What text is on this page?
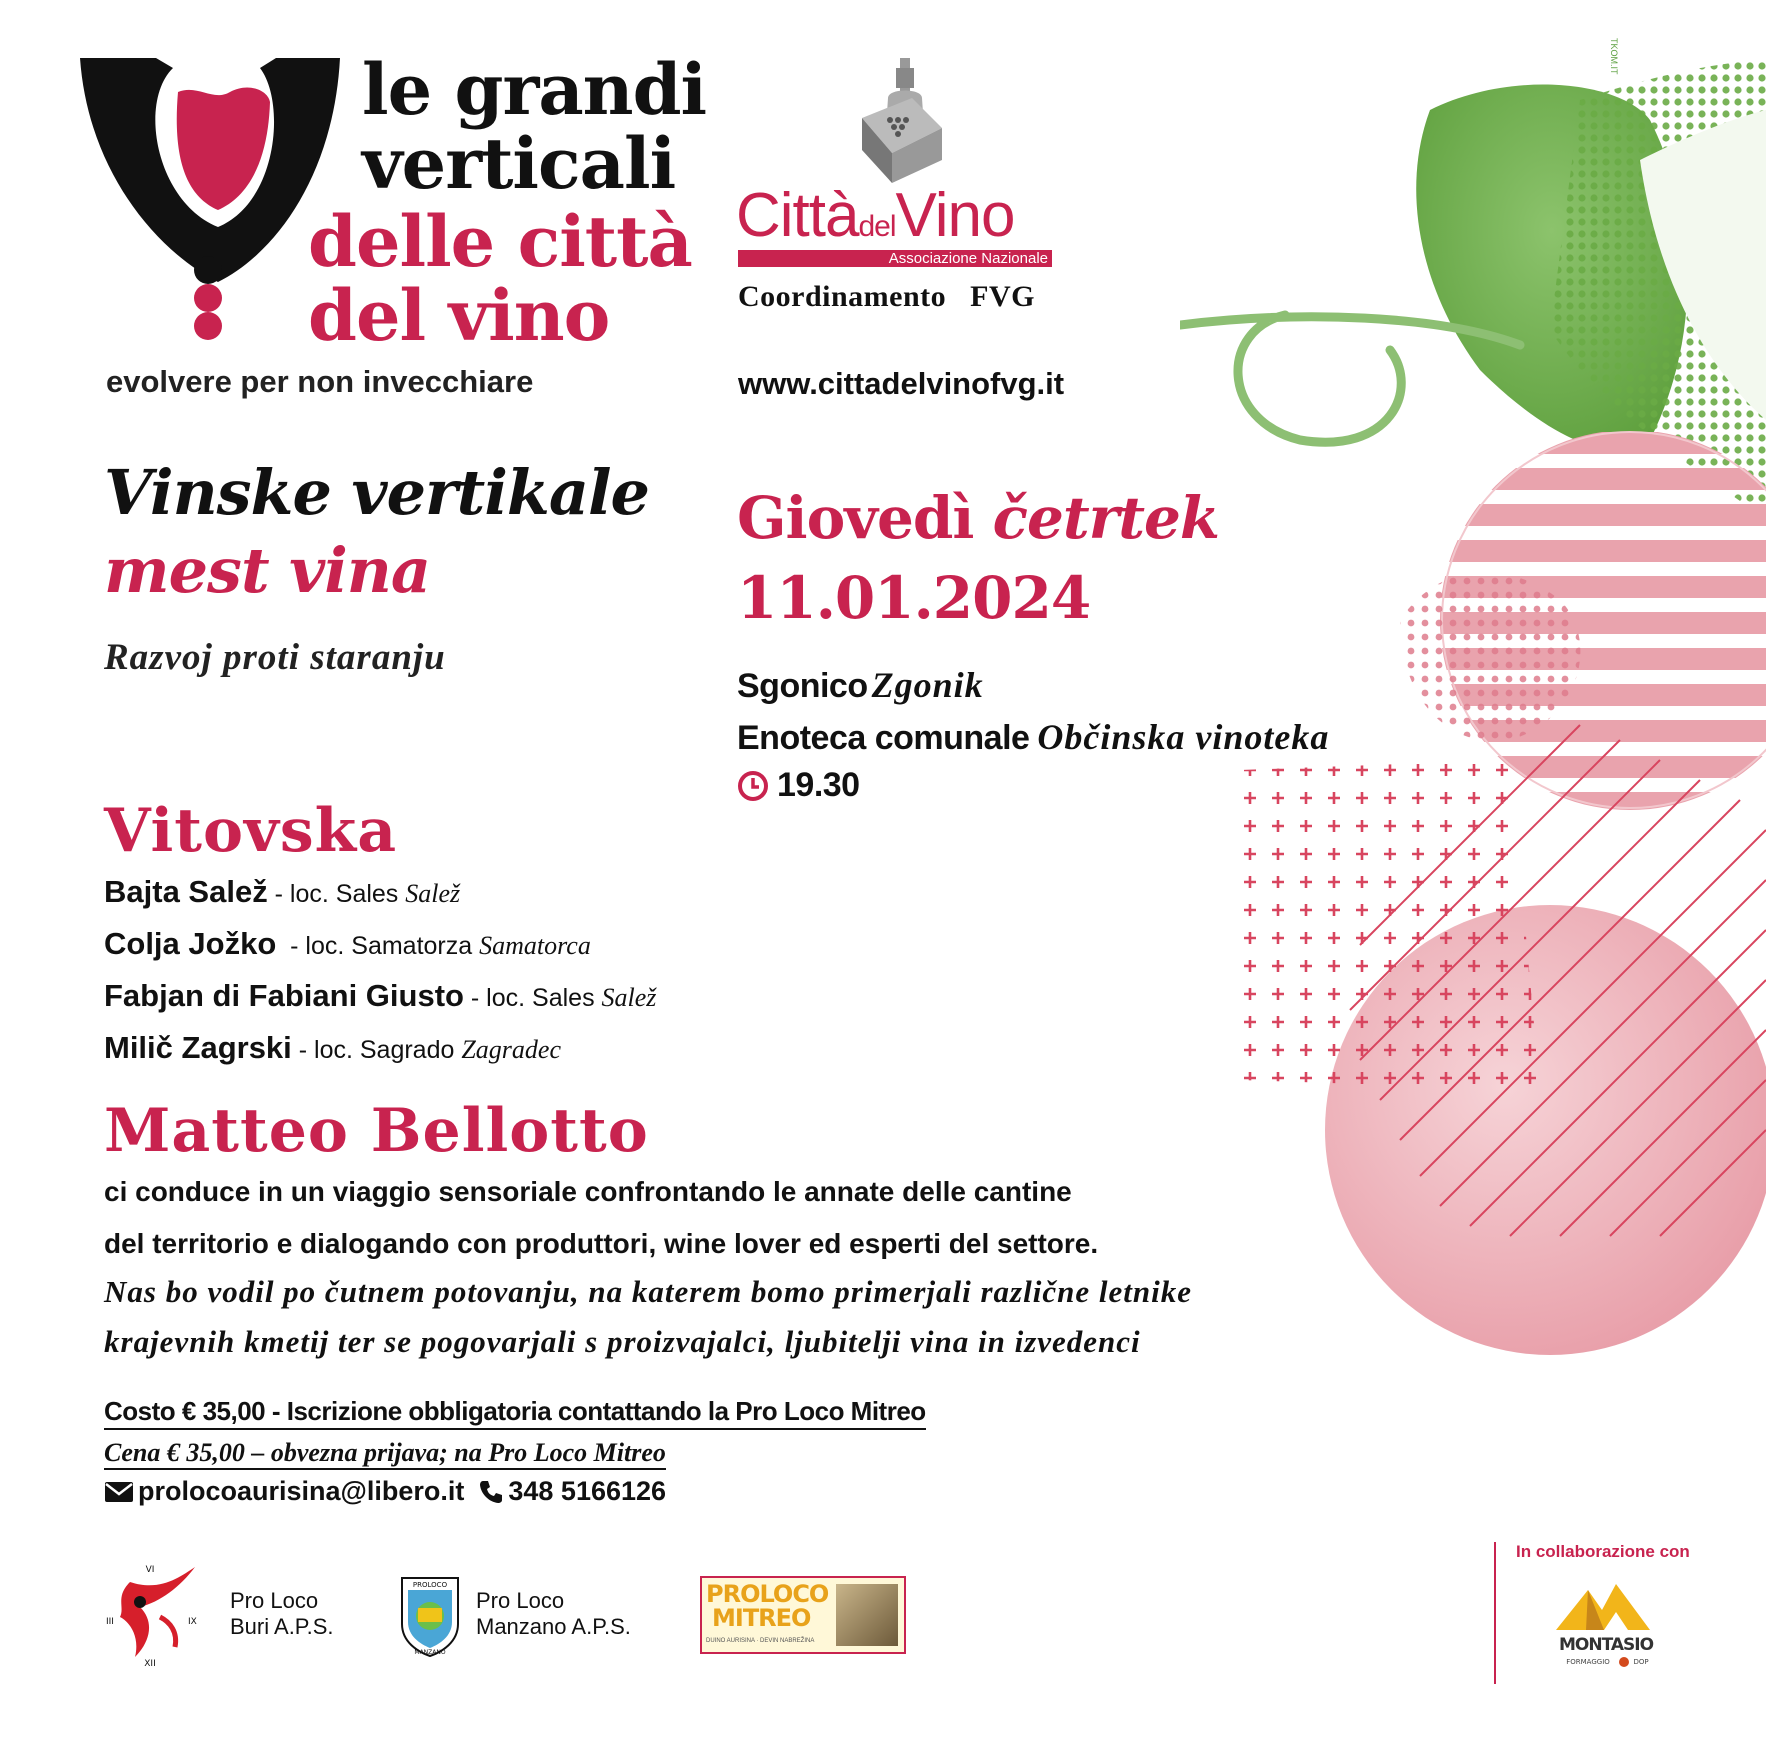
TKOM.IT
le grandi
verticali
delle città
del vino
evolvere per non invecchiare
CittàdelVino
Associazione Nazionale
Coordinamento FVG
www.cittadelvinofvg.it
Vinske vertikale
mest vina
Razvoj proti staranju
Giovedì četrtek
11.01.2024
Sgonico Zgonik
Enoteca comunale Občinska vinoteka
19.30
Vitovska
Bajta Salež - loc. Sales Salež
Colja Jožko  - loc. Samatorza Samatorca
Fabjan di Fabiani Giusto - loc. Sales Salež
Milič Zagrski - loc. Sagrado Zagradec
Matteo Bellotto
ci conduce in un viaggio sensoriale confrontando le annate delle cantine
del territorio e dialogando con produttori, wine lover ed esperti del settore.
Nas bo vodil po čutnem potovanju, na katerem bomo primerjali različne letnike
krajevnih kmetij ter se pogovarjali s proizvajalci, ljubitelji vina in izvedenci
Costo € 35,00 - Iscrizione obbligatoria contattando la Pro Loco Mitreo
Cena € 35,00 – obvezna prijava; na Pro Loco Mitreo
prolocoaurisina@libero.it 348 5166126
VI
III	IX
XII
Pro Loco
Buri A.P.S.
PROLOCO
MANZANO
Pro Loco
Manzano A.P.S.
PROLOCO
MITREO
DUINO AURISINA · DEVIN NABREŽINA
In collaborazione con
MONTASIO
FORMAGGIO	DOP
